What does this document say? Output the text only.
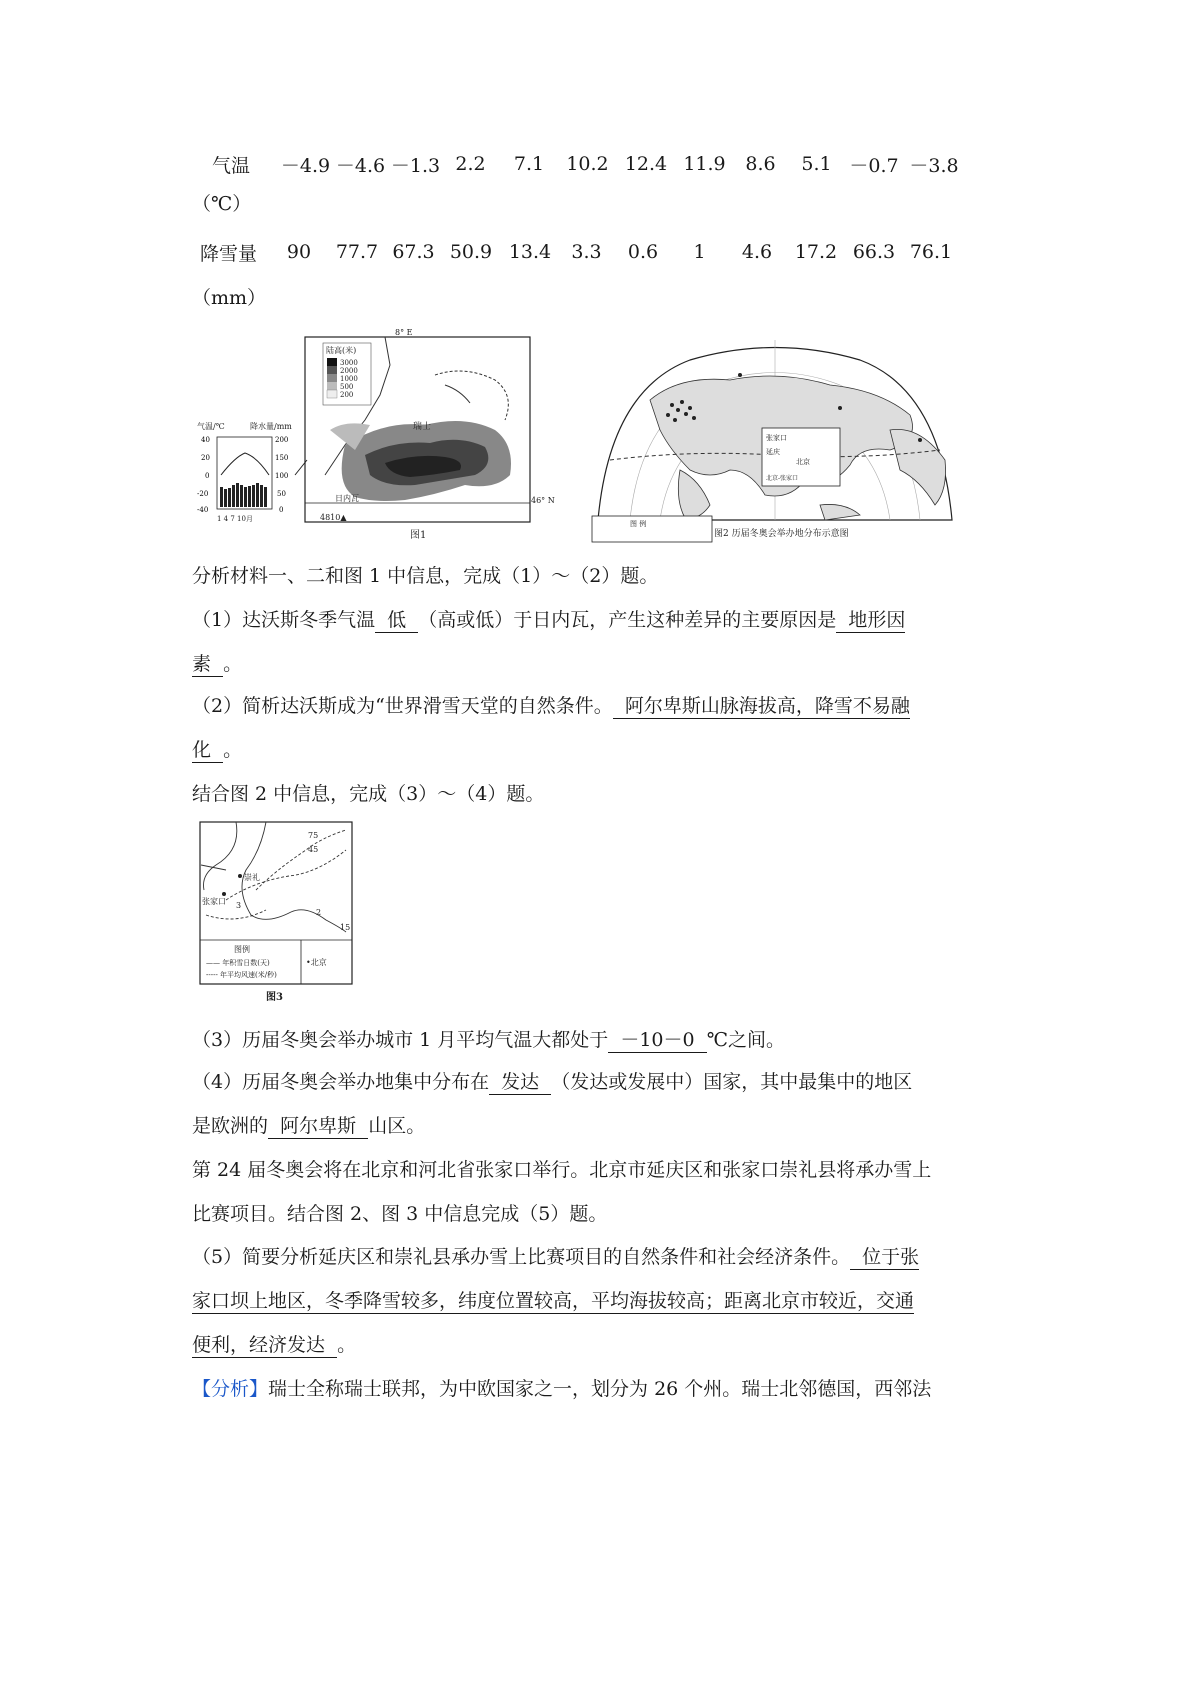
气温	－4.9	－4.6	－1.3	2.2	7.1	10.2	12.4	11.9	8.6	5.1	－0.7	－3.8
（℃）
降雪量	90	77.7	67.3	50.9	13.4	3.3	0.6	1	4.6	17.2	66.3	76.1
（mm）
陆高(米)
3000
2000
1000
500
200
8° E
46° N
瑞士
日内瓦
4810▲
气温/℃	降水量/mm
40
20
0
-20
-40
200
150
100
50
0
1 4 7 10月
图1
张家口
延庆
北京
北京-张家口
图 例
图2 历届冬奥会举办地分布示意图
分析材料一、二和图 1 中信息，完成（1）～（2）题。
（1）达沃斯冬季气温  低  （高或低）于日内瓦，产生这种差异的主要原因是  地形因
素  。
（2）简析达沃斯成为“世界滑雪天堂的自然条件。  阿尔卑斯山脉海拔高，降雪不易融
化  。
结合图 2 中信息，完成（3）～（4）题。
75
45
2
3
15
崇礼
张家口
图例
—— 年积雪日数(天)
----- 年平均风速(米/秒)
•北京
图3
（3）历届冬奥会举办城市 1 月平均气温大都处于  －10－0  ℃之间。
（4）历届冬奥会举办地集中分布在  发达  （发达或发展中）国家，其中最集中的地区
是欧洲的  阿尔卑斯  山区。
第 24 届冬奥会将在北京和河北省张家口举行。北京市延庆区和张家口崇礼县将承办雪上
比赛项目。结合图 2、图 3 中信息完成（5）题。
（5）简要分析延庆区和崇礼县承办雪上比赛项目的自然条件和社会经济条件。  位于张
家口坝上地区，冬季降雪较多，纬度位置较高，平均海拔较高；距离北京市较近，交通
便利，经济发达  。
【分析】瑞士全称瑞士联邦，为中欧国家之一，划分为 26 个州。瑞士北邻德国，西邻法
